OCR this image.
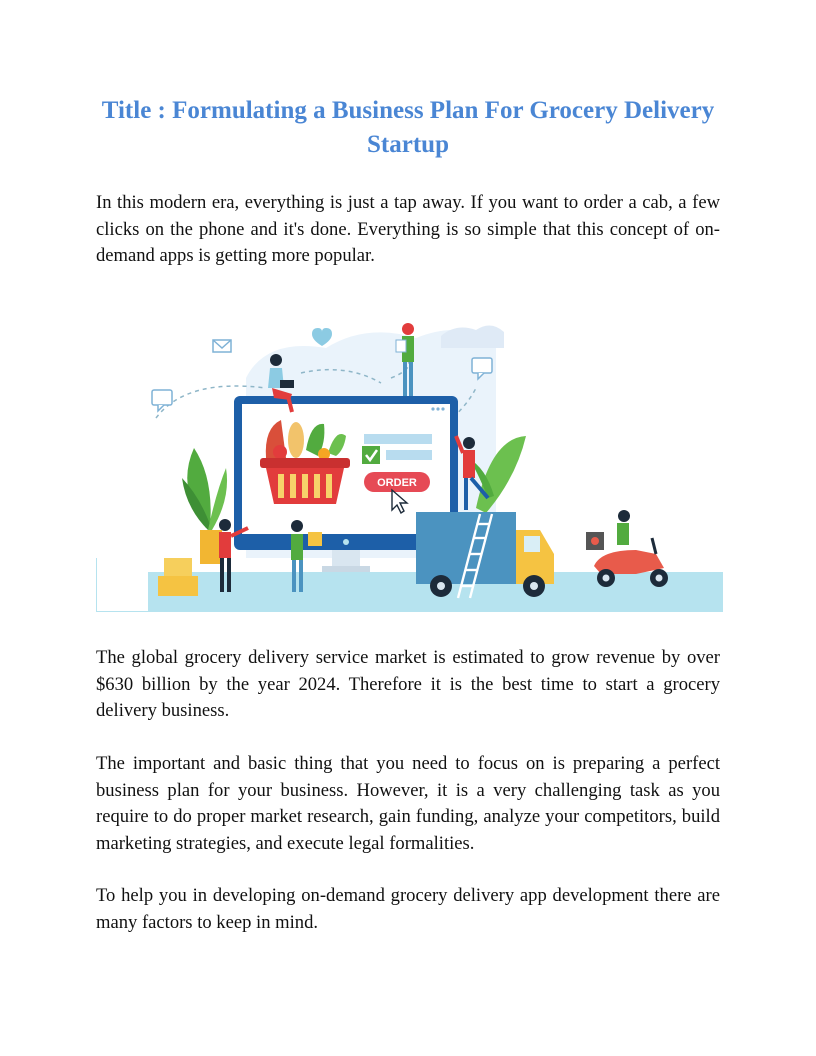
Title : Formulating a Business Plan For Grocery Delivery Startup

In this modern era, everything is just a tap away. If you want to order a cab, a few clicks on the phone and it's done. Everything is so simple that this concept of on-demand apps is getting more popular.

ORDER

The global grocery delivery service market is estimated to grow revenue by over $630 billion by the year 2024. Therefore it is the best time to start a grocery delivery business.

The important and basic thing that you need to focus on is preparing a perfect business plan for your business. However, it is a very challenging task as you require to do proper market research, gain funding, analyze your competitors, build marketing strategies, and execute legal formalities.

To help you in developing on-demand grocery delivery app development there are many factors to keep in mind.
